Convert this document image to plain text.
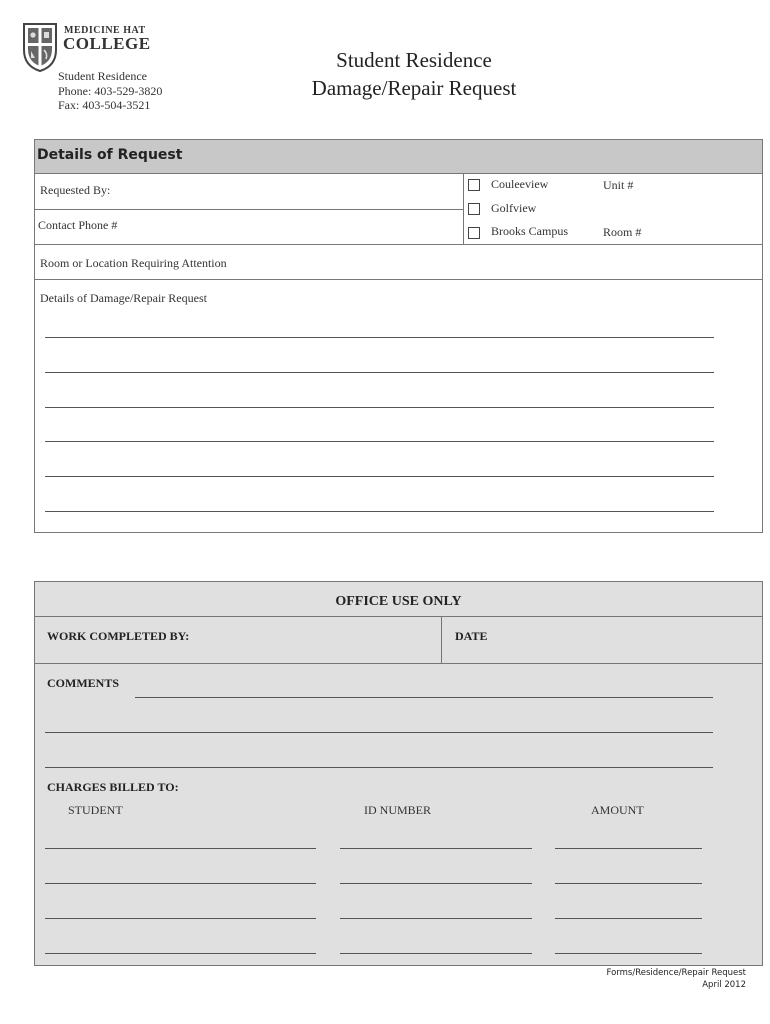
MEDICINE HAT
COLLEGE
Student Residence
Phone: 403-529-3820
Fax: 403-504-3521
Student Residence
Damage/Repair Request
Details of Request
Requested By:
Contact Phone #
Couleeview	Unit #
Golfview
Brooks Campus	Room #
Room or Location Requiring Attention
Details of Damage/Repair Request
OFFICE USE ONLY
WORK COMPLETED BY:	DATE
COMMENTS
CHARGES BILLED TO:
STUDENT	ID NUMBER	AMOUNT
Forms/Residence/Repair Request
April 2012
